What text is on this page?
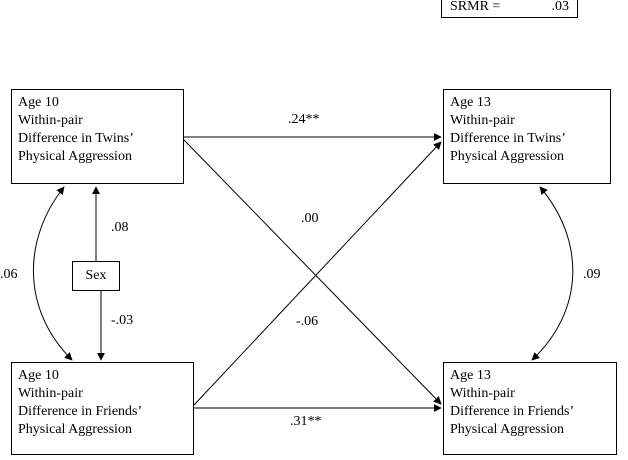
SRMR =	.03
Age 10
Within-pair
Difference in Twins’
Physical Aggression
Age 13
Within-pair
Difference in Twins’
Physical Aggression
Age 10
Within-pair
Difference in Friends’
Physical Aggression
Age 13
Within-pair
Difference in Friends’
Physical Aggression
Sex
.24**
.00
-.06
.31**
.08
-.03
.06	.09
